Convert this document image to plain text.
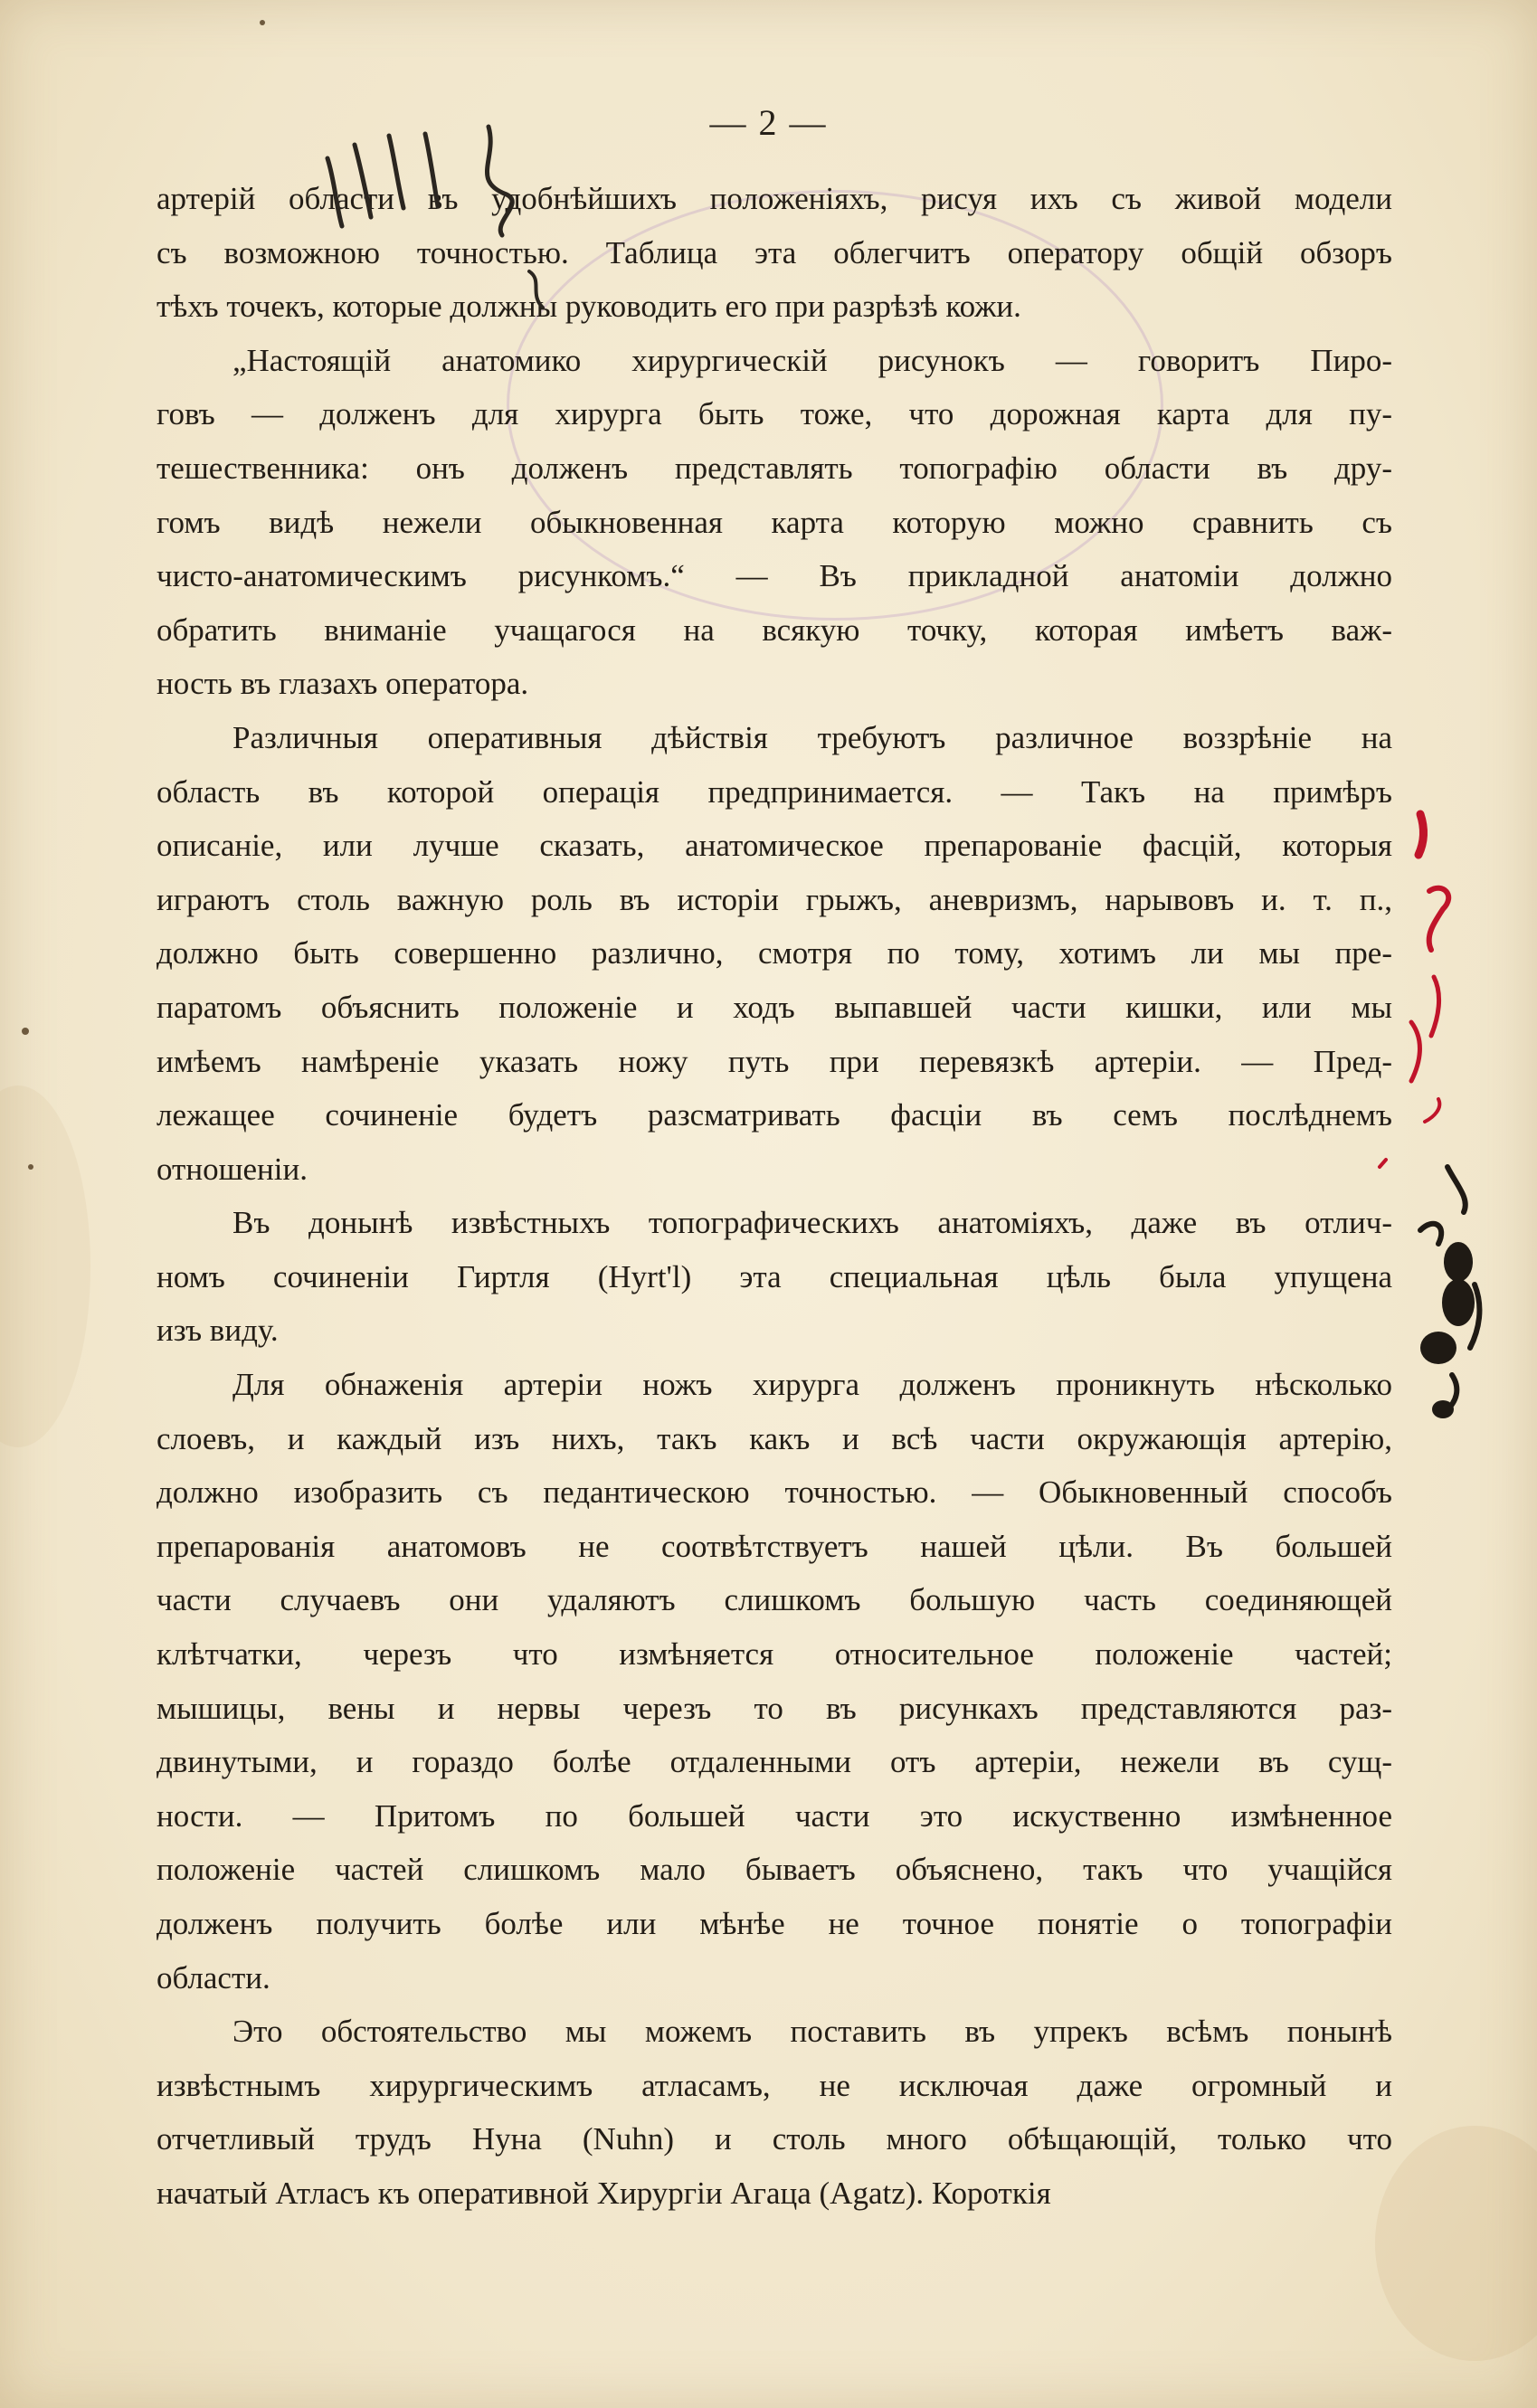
— 2 —
артерій области въ удобнѣйшихъ положеніяхъ, рисуя ихъ съ живой модели
съ возможною точностью. Таблица эта облегчитъ оператору общій обзоръ
тѣхъ точекъ, которые должны руководить его при разрѣзѣ кожи.
„Настоящій анатомико хирургическій рисунокъ — говоритъ Пиро-
говъ — долженъ для хирурга быть тоже, что дорожная карта для пу-
тешественника: онъ долженъ представлять топографію области въ дру-
гомъ видѣ нежели обыкновенная карта которую можно сравнить съ
чисто-анатомическимъ рисункомъ.“ — Въ прикладной анатоміи должно
обратить вниманіе учащагося на всякую точку, которая имѣетъ важ-
ность въ глазахъ оператора.
Различныя оперативныя дѣйствія требуютъ различное воззрѣніе на
область въ которой операція предпринимается. — Такъ на примѣръ
описаніе, или лучше сказать, анатомическое препарованіе фасцій, которыя
играютъ столь важную роль въ исторіи грыжъ, аневризмъ, нарывовъ и. т. п.,
должно быть совершенно различно, смотря по тому, хотимъ ли мы пре-
паратомъ объяснить положеніе и ходъ выпавшей части кишки, или мы
имѣемъ намѣреніе указать ножу путь при перевязкѣ артеріи. — Пред-
лежащее сочиненіе будетъ разсматривать фасціи въ семъ послѣднемъ
отношеніи.
Въ донынѣ извѣстныхъ топографическихъ анатоміяхъ, даже въ отлич-
номъ сочиненіи Гиртля (Hyrt'l) эта специальная цѣль была упущена
изъ виду.
Для обнаженія артеріи ножъ хирурга долженъ проникнуть нѣсколько
слоевъ, и каждый изъ нихъ, такъ какъ и всѣ части окружающія артерію,
должно изобразить съ педантическою точностью. — Обыкновенный способъ
препарованія анатомовъ не соотвѣтствуетъ нашей цѣли. Въ большей
части случаевъ они удаляютъ слишкомъ большую часть соединяющей
клѣтчатки, черезъ что измѣняется относительное положеніе частей;
мышицы, вены и нервы черезъ то въ рисункахъ представляются раз-
двинутыми, и гораздо болѣе отдаленными отъ артеріи, нежели въ сущ-
ности. — Притомъ по большей части это искуственно измѣненное
положеніе частей слишкомъ мало бываетъ объяснено, такъ что учащійся
долженъ получить болѣе или мѣнѣе не точное понятіе о топографіи
области.
Это обстоятельство мы можемъ поставить въ упрекъ всѣмъ понынѣ
извѣстнымъ хирургическимъ атласамъ, не исключая даже огромный и
отчетливый трудъ Нуна (Nuhn) и столь много обѣщающій, только что
начатый Атласъ къ оперативной Хирургіи Агаца (Agatz). Короткія
